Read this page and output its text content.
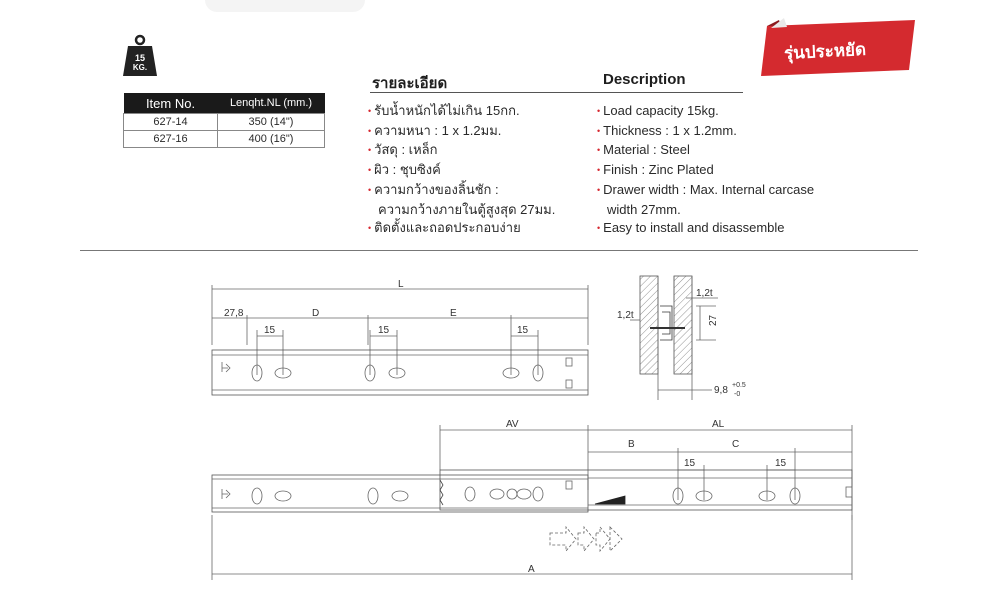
15
KG.
รุ่นประหยัด
Item No.	Lenqht.NL (mm.)
627-14	350 (14")
627-16	400 (16")
รายละเอียด	Description
• รับน้ำหนักได้ไม่เกิน 15กก.
• ความหนา : 1 x 1.2มม.
• วัสดุ : เหล็ก
• ผิว : ชุบซิงค์
• ความกว้างของลิ้นชัก :
ความกว้างภายในตู้สูงสุด 27มม.
• ติดตั้งและถอดประกอบง่าย
• Load capacity 15kg.
• Thickness : 1 x 1.2mm.
• Material : Steel
• Finish : Zinc Plated
• Drawer width : Max. Internal carcase
width 27mm.
• Easy to install and disassemble
L
27,8	D	E
15	15	15
1,2t
1,2t	27
9,8 +0.5
-0
AV	AL
B	C
15	15
A
